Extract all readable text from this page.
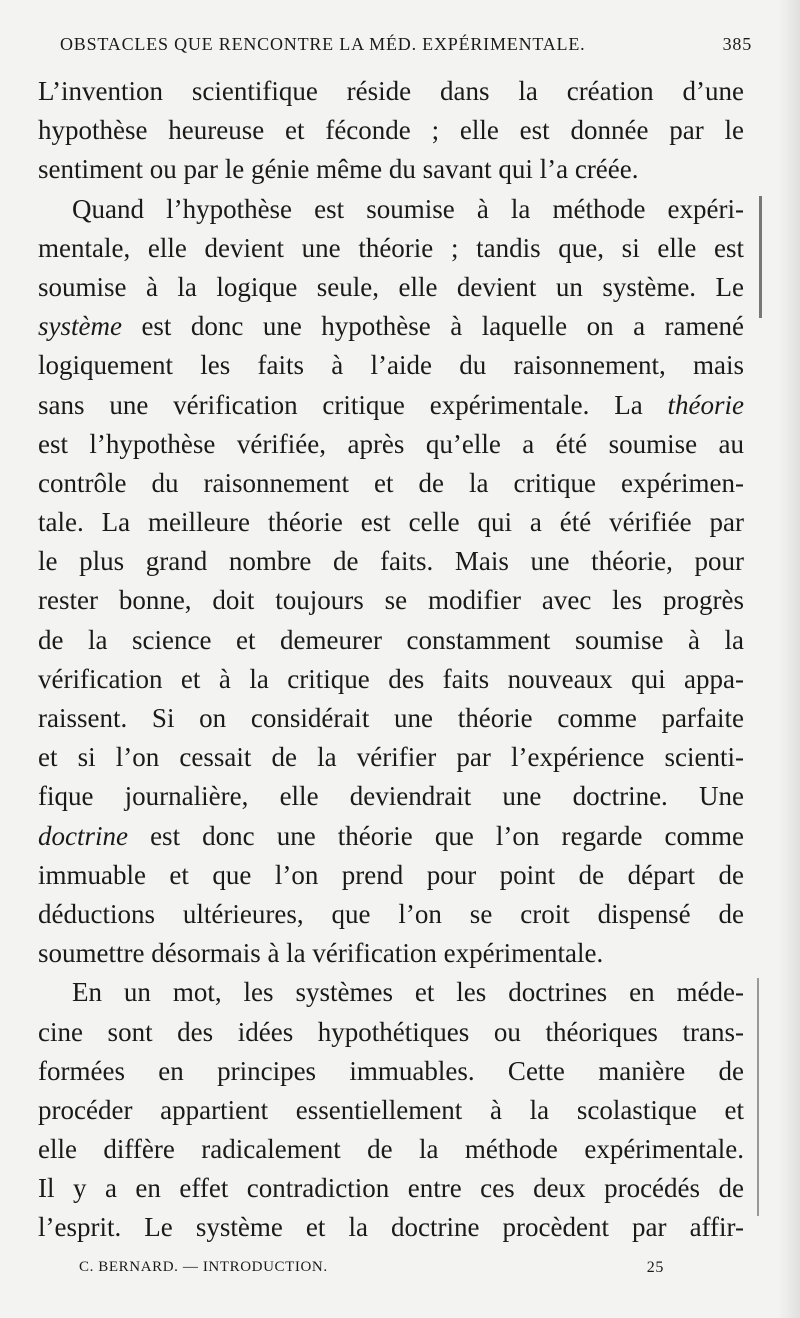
OBSTACLES QUE RENCONTRE LA MÉD. EXPÉRIMENTALE.	385
L’invention scientifique réside dans la création d’une
hypothèse heureuse et féconde ; elle est donnée par le
sentiment ou par le génie même du savant qui l’a créée.
Quand l’hypothèse est soumise à la méthode expéri-
mentale, elle devient une théorie ; tandis que, si elle est
soumise à la logique seule, elle devient un système. Le
système est donc une hypothèse à laquelle on a ramené
logiquement les faits à l’aide du raisonnement, mais
sans une vérification critique expérimentale. La théorie
est l’hypothèse vérifiée, après qu’elle a été soumise au
contrôle du raisonnement et de la critique expérimen-
tale. La meilleure théorie est celle qui a été vérifiée par
le plus grand nombre de faits. Mais une théorie, pour
rester bonne, doit toujours se modifier avec les progrès
de la science et demeurer constamment soumise à la
vérification et à la critique des faits nouveaux qui appa-
raissent. Si on considérait une théorie comme parfaite
et si l’on cessait de la vérifier par l’expérience scienti-
fique journalière, elle deviendrait une doctrine. Une
doctrine est donc une théorie que l’on regarde comme
immuable et que l’on prend pour point de départ de
déductions ultérieures, que l’on se croit dispensé de
soumettre désormais à la vérification expérimentale.
En un mot, les systèmes et les doctrines en méde-
cine sont des idées hypothétiques ou théoriques trans-
formées en principes immuables. Cette manière de
procéder appartient essentiellement à la scolastique et
elle diffère radicalement de la méthode expérimentale.
Il y a en effet contradiction entre ces deux procédés de
l’esprit. Le système et la doctrine procèdent par affir-
C. BERNARD. — INTRODUCTION.	25
